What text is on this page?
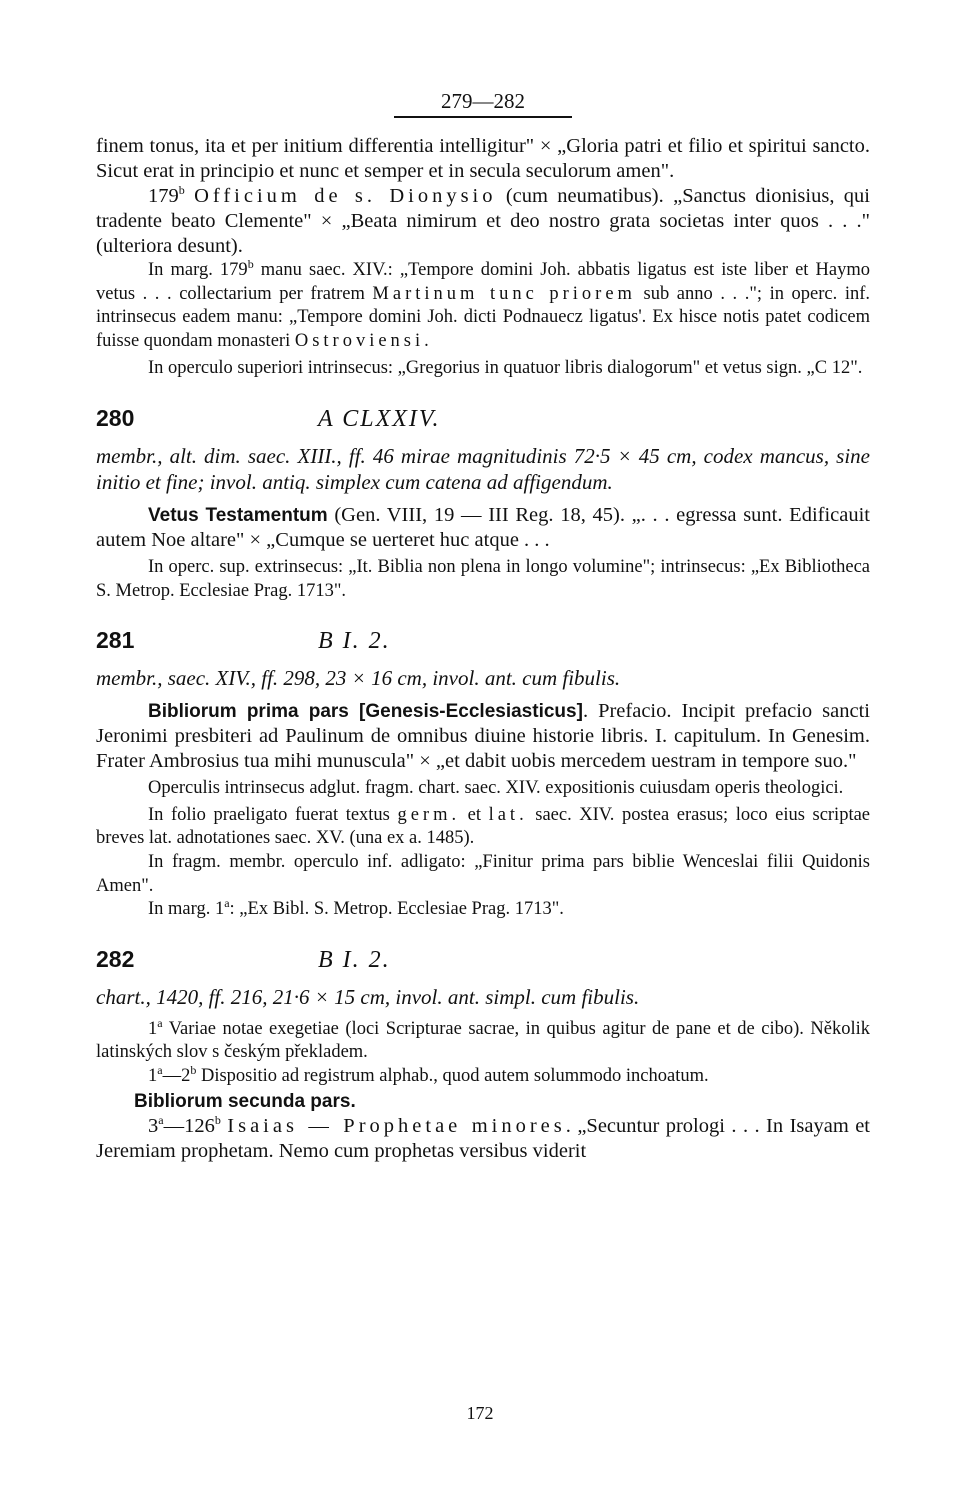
279—282

finem tonus, ita et per initium differentia intelligitur" × „Gloria patri et filio et spiritui sancto. Sicut erat in principio et nunc et semper et in secula seculorum amen".

179$^b$ Officium de s. Dionysio (cum neumatibus). „Sanctus dionisius, qui tradente beato Clemente" × „Beata nimirum et deo nostro grata societas inter quos . . ." (ulteriora desunt).

In marg. 179$^b$ manu saec. XIV.: „Tempore domini Joh. abbatis ligatus est iste liber et Haymo vetus . . . collectarium per fratrem Martinum tunc priorem sub anno . . ."; in operc. inf. intrinsecus eadem manu: „Tempore domini Joh. dicti Podnauecz ligatus'. Ex hisce notis patet codicem fuisse quondam monasteri Ostroviensi.

In operculo superiori intrinsecus: „Gregorius in quatuor libris dialogorum" et vetus sign. „C 12".

280	A CLXXIV.

membr., alt. dim. saec. XIII., ff. 46 mirae magnitudinis 72·5 × 45 cm, codex mancus, sine initio et fine; invol. antiq. simplex cum catena ad affigendum.

Vetus Testamentum (Gen. VIII, 19 — III Reg. 18, 45). „. . . egressa sunt. Edificauit autem Noe altare" × „Cumque se uerteret huc atque . . .

In operc. sup. extrinsecus: „It. Biblia non plena in longo volumine"; intrinsecus: „Ex Bibliotheca S. Metrop. Ecclesiae Prag. 1713".

281	B I. 2.

membr., saec. XIV., ff. 298, 23 × 16 cm, invol. ant. cum fibulis.

Bibliorum prima pars [Genesis-Ecclesiasticus]. Prefacio. Incipit prefacio sancti Jeronimi presbiteri ad Paulinum de omnibus diuine historie libris. I. capitulum. In Genesim. Frater Ambrosius tua mihi munuscula" × „et dabit uobis mercedem uestram in tempore suo."

Operculis intrinsecus adglut. fragm. chart. saec. XIV. expositionis cuiusdam operis theologici.

In folio praeligato fuerat textus germ. et lat. saec. XIV. postea erasus; loco eius scriptae breves lat. adnotationes saec. XV. (una ex a. 1485).

In fragm. membr. operculo inf. adligato: „Finitur prima pars biblie Wenceslai filii Quidonis Amen".

In marg. 1$^a$: „Ex Bibl. S. Metrop. Ecclesiae Prag. 1713".

282	B I. 2.

chart., 1420, ff. 216, 21·6 × 15 cm, invol. ant. simpl. cum fibulis.

1$^a$ Variae notae exegetiae (loci Scripturae sacrae, in quibus agitur de pane et de cibo). Několik latinských slov s českým překladem.

1$^a$—2$^b$ Dispositio ad registrum alphab., quod autem solummodo inchoatum.

Bibliorum secunda pars.

3$^a$—126$^b$ Isaias — Prophetae minores. „Secuntur prologi . . . In Isayam et Jeremiam prophetam. Nemo cum prophetas versibus viderit

172
